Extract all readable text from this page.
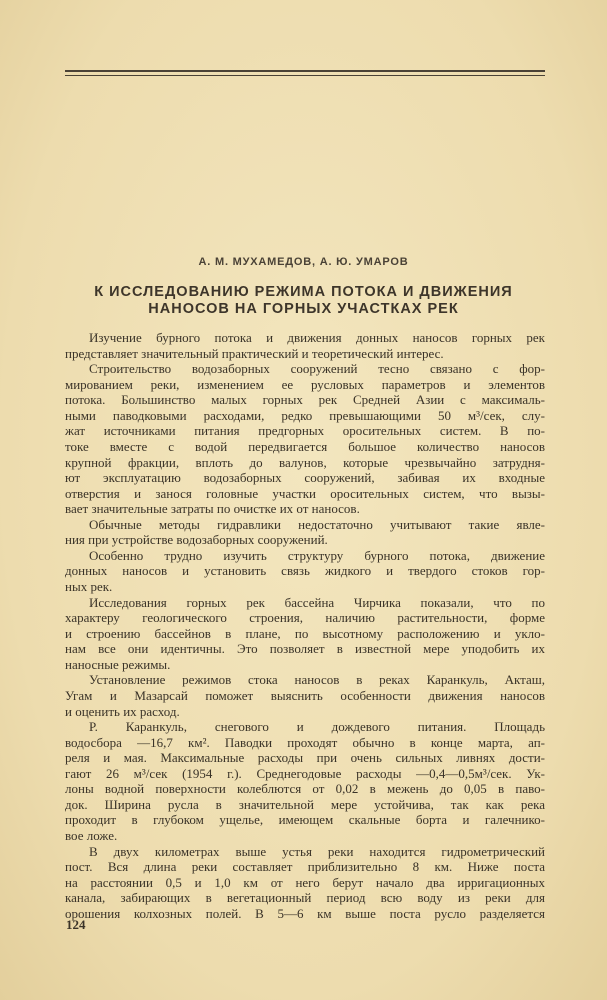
А. М. МУХАМЕДОВ, А. Ю. УМАРОВ
К ИССЛЕДОВАНИЮ РЕЖИМА ПОТОКА И ДВИЖЕНИЯ
НАНОСОВ НА ГОРНЫХ УЧАСТКАХ РЕК
Изучение бурного потока и движения донных наносов горных рек
представляет значительный практический и теоретический интерес.
Строительство водозаборных сооружений тесно связано с фор-
мированием реки, изменением ее русловых параметров и элементов
потока. Большинство малых горных рек Средней Азии с максималь-
ными паводковыми расходами, редко превышающими 50 м³/сек, слу-
жат источниками питания предгорных оросительных систем. В по-
токе вместе с водой передвигается большое количество наносов
крупной фракции, вплоть до валунов, которые чрезвычайно затрудня-
ют эксплуатацию водозаборных сооружений, забивая их входные
отверстия и занося головные участки оросительных систем, что вызы-
вает значительные затраты по очистке их от наносов.
Обычные методы гидравлики недостаточно учитывают такие явле-
ния при устройстве водозаборных сооружений.
Особенно трудно изучить структуру бурного потока, движение
донных наносов и установить связь жидкого и твердого стоков гор-
ных рек.
Исследования горных рек бассейна Чирчика показали, что по
характеру геологического строения, наличию растительности, форме
и строению бассейнов в плане, по высотному расположению и укло-
нам все они идентичны. Это позволяет в известной мере уподобить их
наносные режимы.
Установление режимов стока наносов в реках Каранкуль, Акташ,
Угам и Мазарсай поможет выяснить особенности движения наносов
и оценить их расход.
Р. Каранкуль, снегового и дождевого питания. Площадь
водосбора —16,7 км². Паводки проходят обычно в конце марта, ап-
реля и мая. Максимальные расходы при очень сильных ливнях дости-
гают 26 м³/сек (1954 г.). Среднегодовые расходы —0,4—0,5м³/сек. Ук-
лоны водной поверхности колеблются от 0,02 в межень до 0,05 в паво-
док. Ширина русла в значительной мере устойчива, так как река
проходит в глубоком ущелье, имеющем скальные борта и галечнико-
вое ложе.
В двух километрах выше устья реки находится гидрометрический
пост. Вся длина реки составляет приблизительно 8 км. Ниже поста
на расстоянии 0,5 и 1,0 км от него берут начало два ирригационных
канала, забирающих в вегетационный период всю воду из реки для
орошения колхозных полей. В 5—6 км выше поста русло разделяется
124
